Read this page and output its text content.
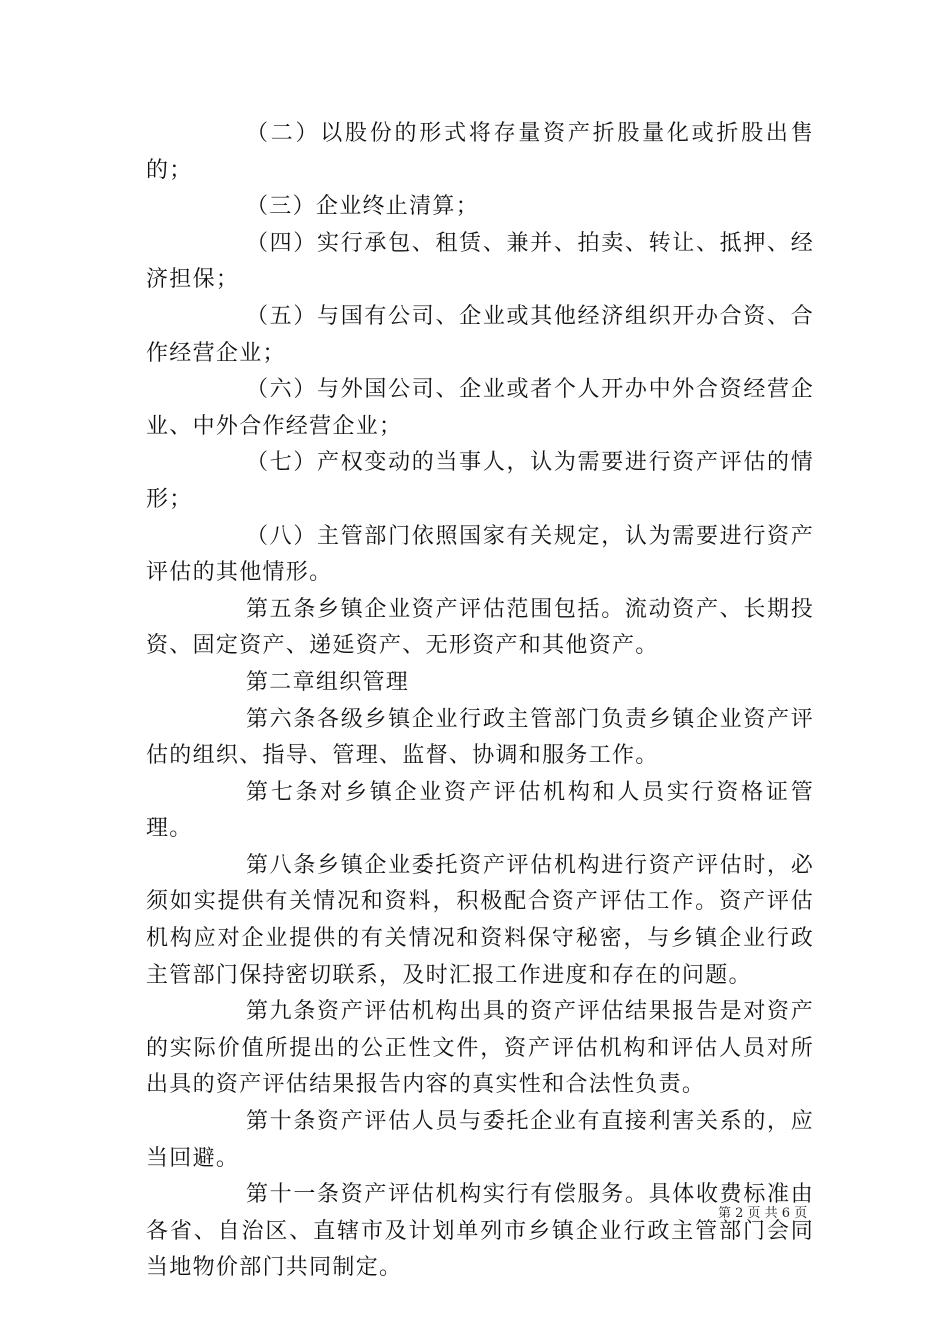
（二）以股份的形式将存量资产折股量化或折股出售的；

（三）企业终止清算；

（四）实行承包、租赁、兼并、拍卖、转让、抵押、经济担保；

（五）与国有公司、企业或其他经济组织开办合资、合作经营企业；

（六）与外国公司、企业或者个人开办中外合资经营企业、中外合作经营企业；

（七）产权变动的当事人，认为需要进行资产评估的情形；

（八）主管部门依照国家有关规定，认为需要进行资产评估的其他情形。

第五条乡镇企业资产评估范围包括。流动资产、长期投资、固定资产、递延资产、无形资产和其他资产。

第二章组织管理

第六条各级乡镇企业行政主管部门负责乡镇企业资产评估的组织、指导、管理、监督、协调和服务工作。

第七条对乡镇企业资产评估机构和人员实行资格证管理。

第八条乡镇企业委托资产评估机构进行资产评估时，必须如实提供有关情况和资料，积极配合资产评估工作。资产评估机构应对企业提供的有关情况和资料保守秘密，与乡镇企业行政主管部门保持密切联系，及时汇报工作进度和存在的问题。

第九条资产评估机构出具的资产评估结果报告是对资产的实际价值所提出的公正性文件，资产评估机构和评估人员对所出具的资产评估结果报告内容的真实性和合法性负责。

第十条资产评估人员与委托企业有直接利害关系的，应当回避。

第十一条资产评估机构实行有偿服务。具体收费标准由各省、自治区、直辖市及计划单列市乡镇企业行政主管部门会同当地物价部门共同制定。

第 2 页 共 6 页
